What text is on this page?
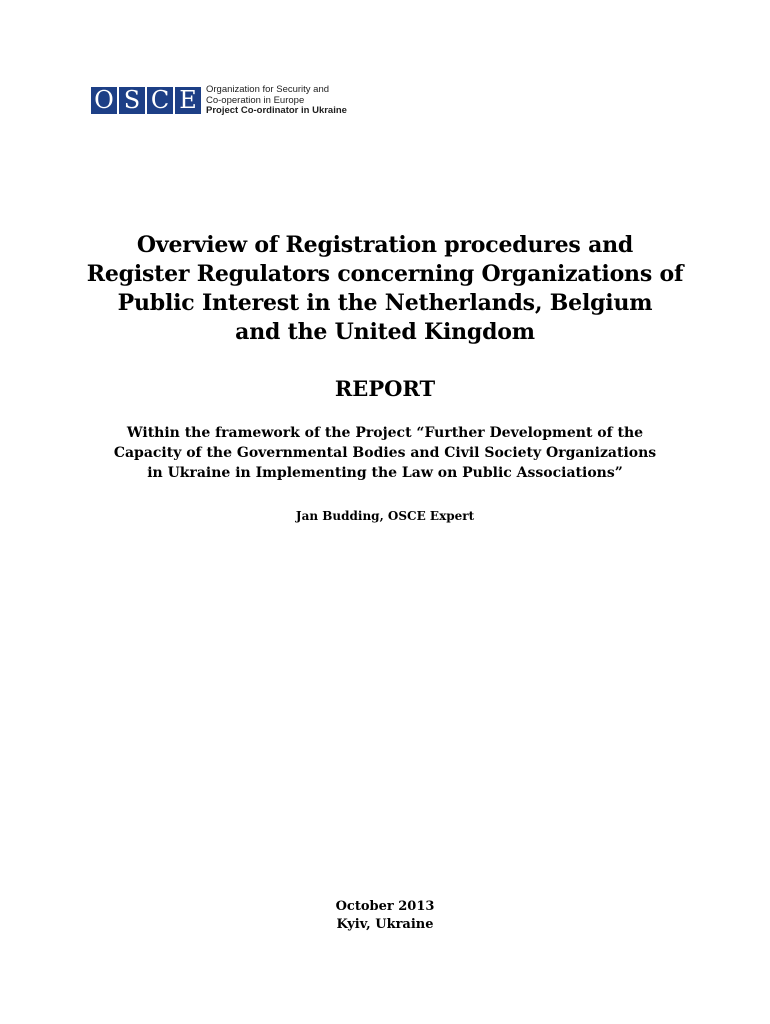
O S C E Organization for Security and
Co-operation in Europe
Project Co-ordinator in Ukraine
Overview of Registration procedures and
Register Regulators concerning Organizations of
Public Interest in the Netherlands, Belgium
and the United Kingdom
REPORT
Within the framework of the Project “Further Development of the
Capacity of the Governmental Bodies and Civil Society Organizations
in Ukraine in Implementing the Law on Public Associations”
Jan Budding, OSCE Expert
October 2013
Kyiv, Ukraine
